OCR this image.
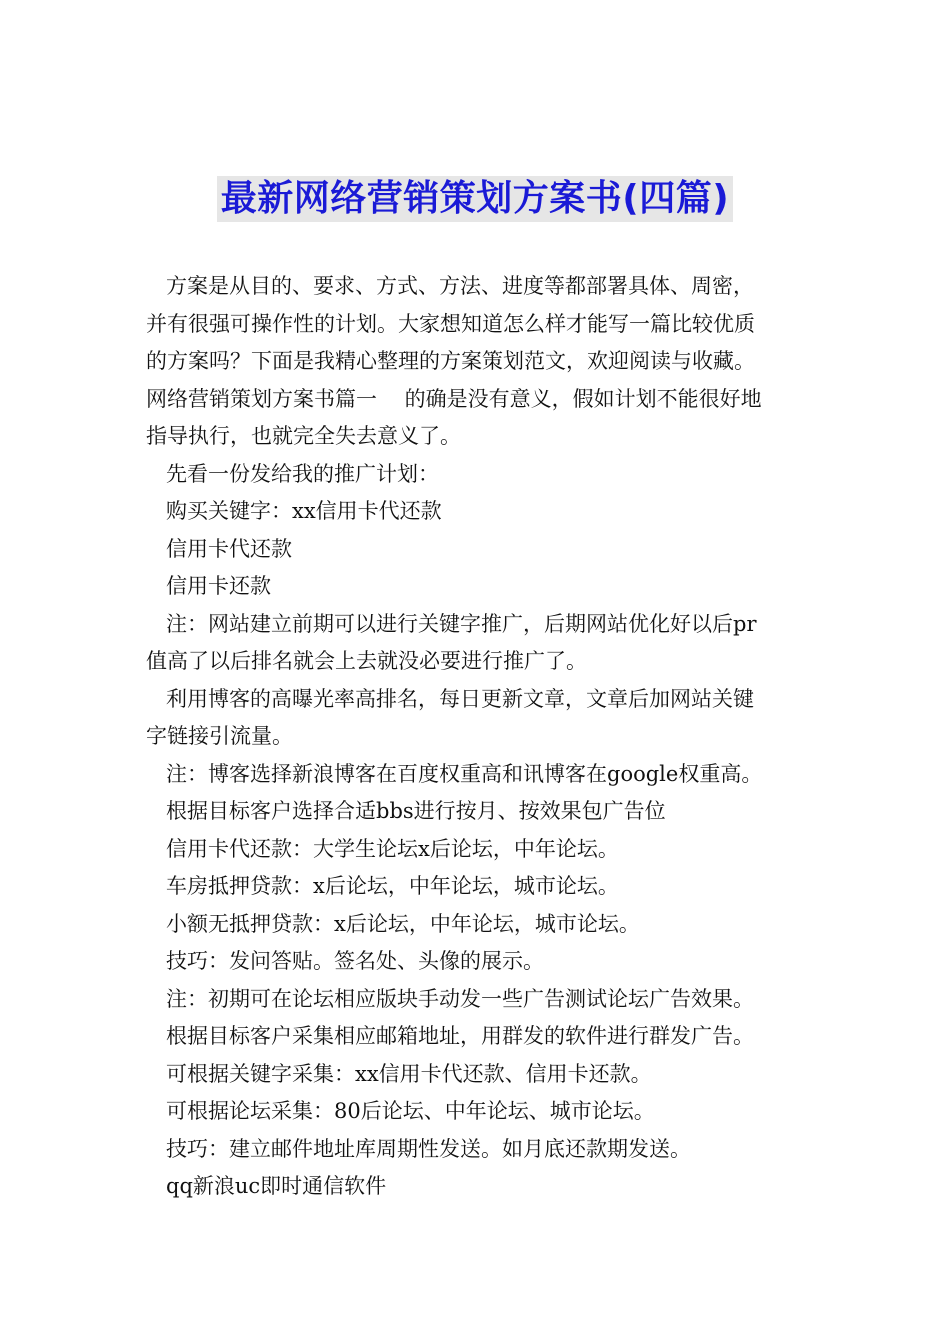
最新网络营销策划方案书(四篇)

方案是从目的、要求、方式、方法、进度等都部署具体、周密，

并有很强可操作性的计划。大家想知道怎么样才能写一篇比较优质

的方案吗？下面是我精心整理的方案策划范文，欢迎阅读与收藏。

网络营销策划方案书篇一　 的确是没有意义，假如计划不能很好地

指导执行，也就完全失去意义了。

先看一份发给我的推广计划：

购买关键字：xx信用卡代还款

信用卡代还款

信用卡还款

注：网站建立前期可以进行关键字推广，后期网站优化好以后pr

值高了以后排名就会上去就没必要进行推广了。

利用博客的高曝光率高排名，每日更新文章，文章后加网站关键

字链接引流量。

注：博客选择新浪博客在百度权重高和讯博客在google权重高。

根据目标客户选择合适bbs进行按月、按效果包广告位

信用卡代还款：大学生论坛x后论坛，中年论坛。

车房抵押贷款：x后论坛，中年论坛，城市论坛。

小额无抵押贷款：x后论坛，中年论坛，城市论坛。

技巧：发问答贴。签名处、头像的展示。

注：初期可在论坛相应版块手动发一些广告测试论坛广告效果。

根据目标客户采集相应邮箱地址，用群发的软件进行群发广告。

可根据关键字采集：xx信用卡代还款、信用卡还款。

可根据论坛采集：80后论坛、中年论坛、城市论坛。

技巧：建立邮件地址库周期性发送。如月底还款期发送。

qq新浪uc即时通信软件
